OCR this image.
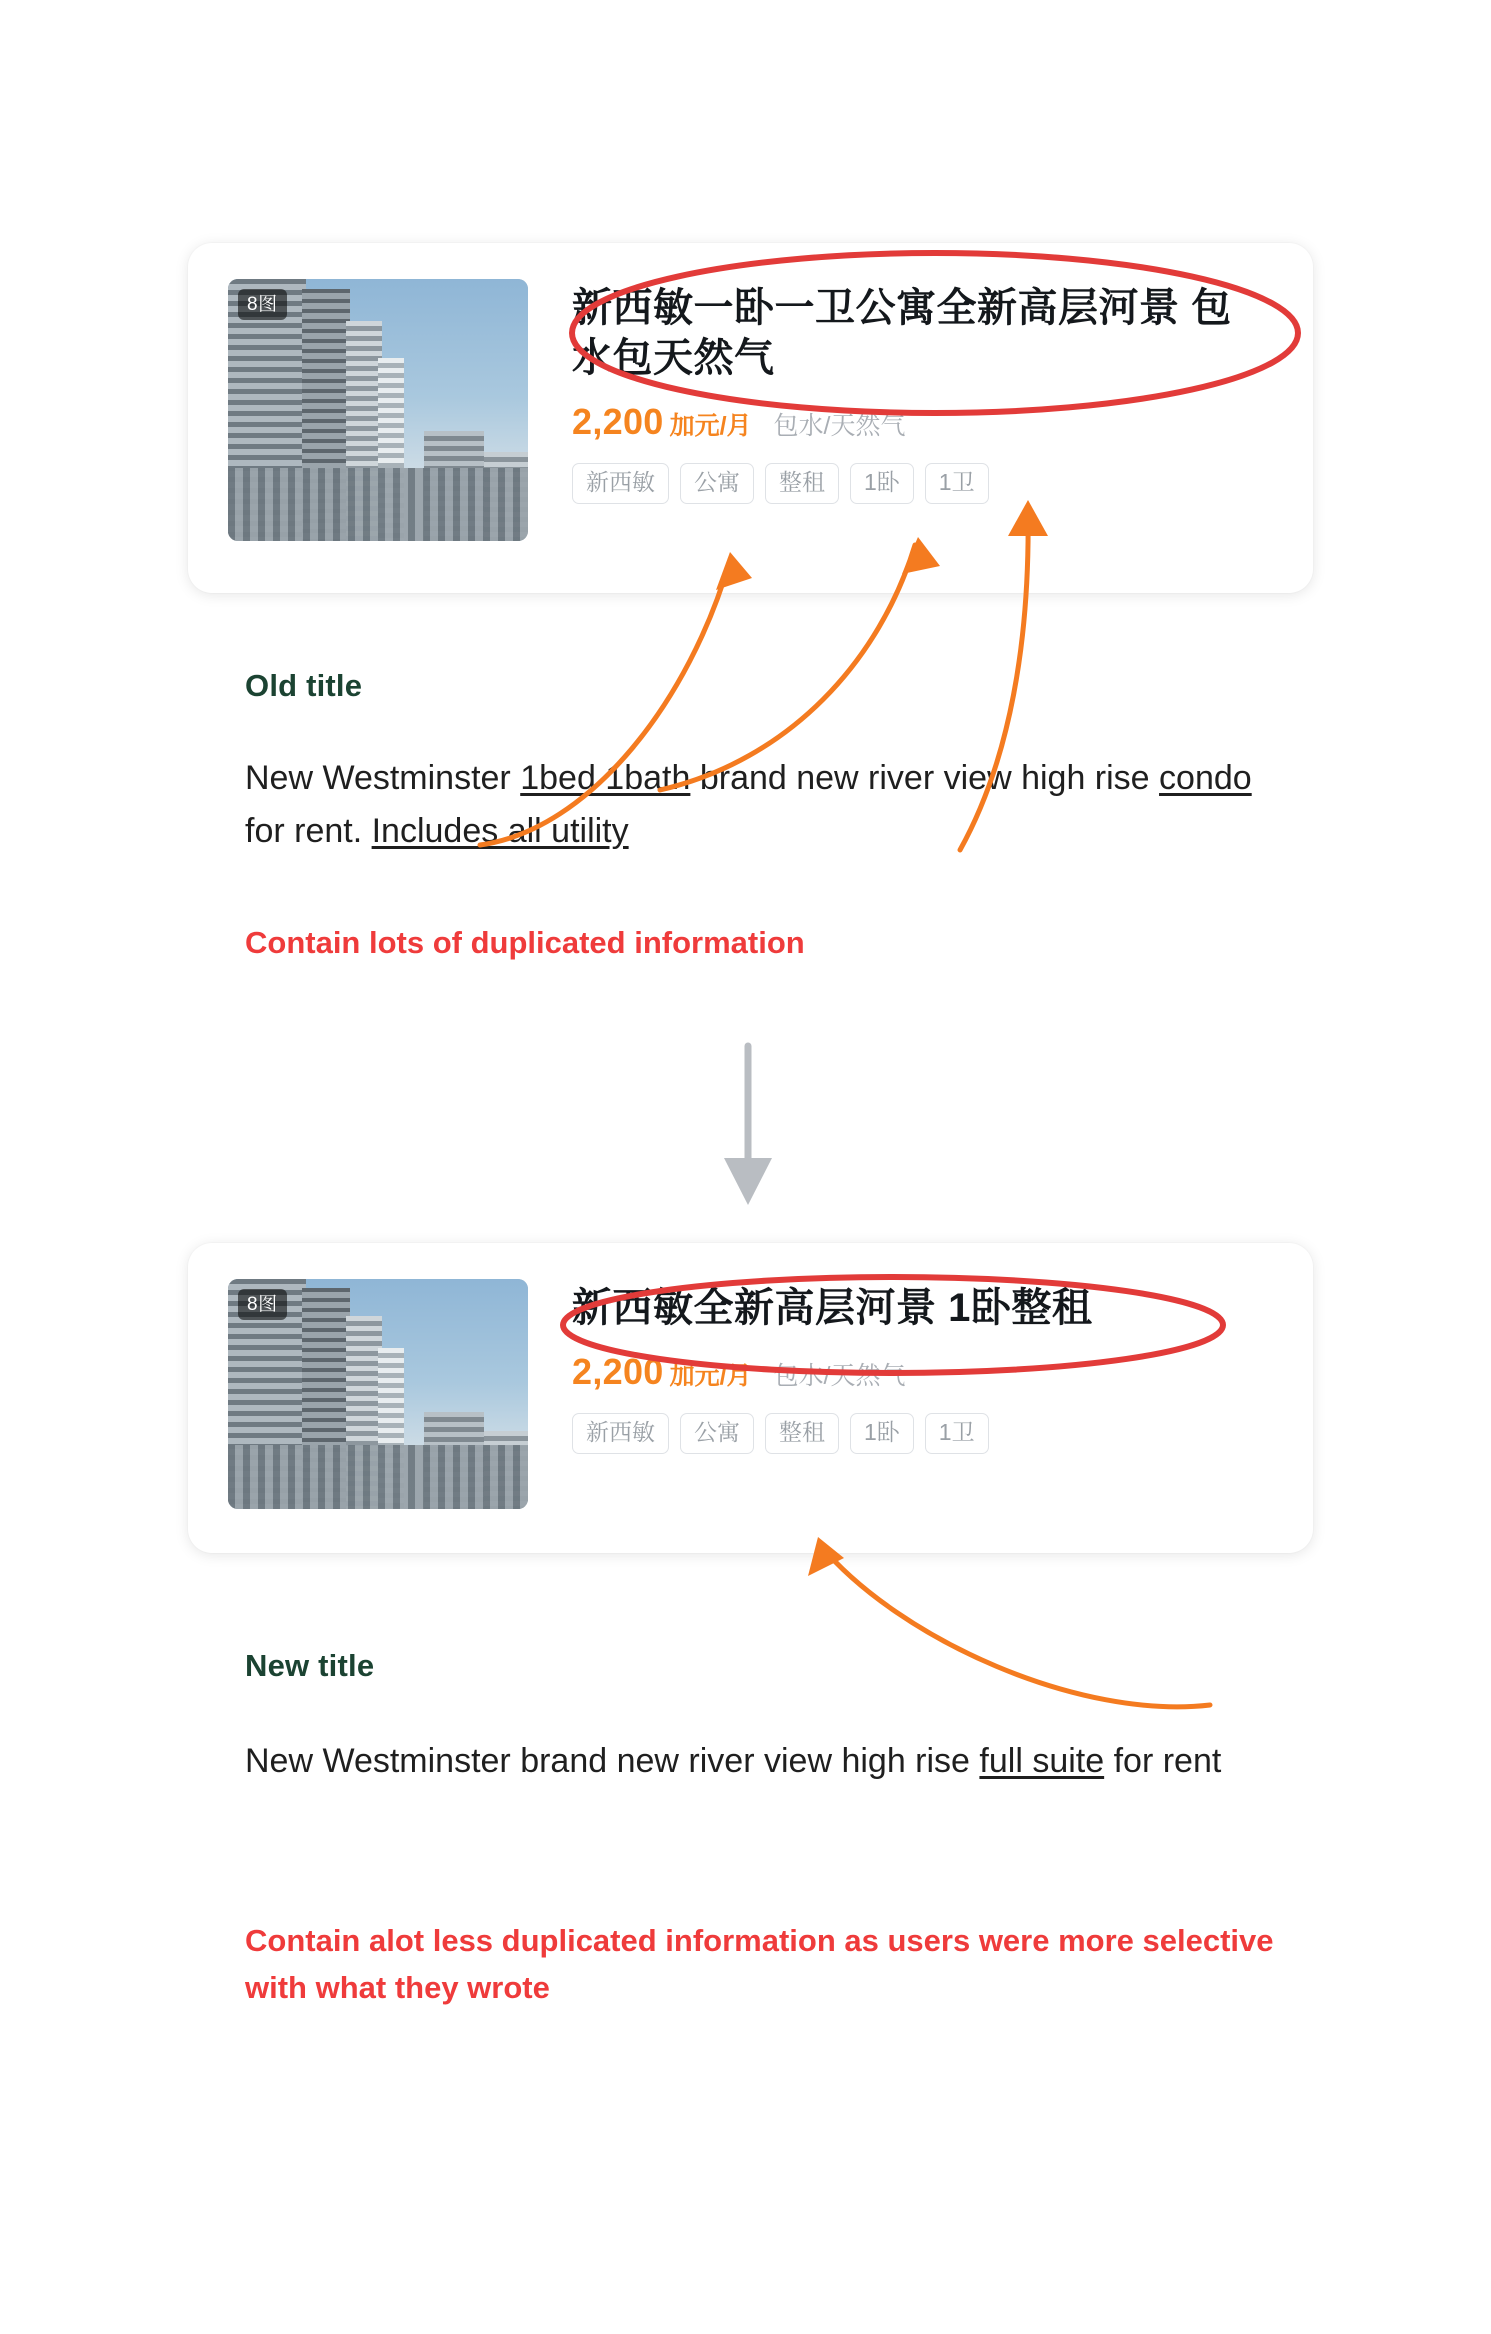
8图	新西敏一卧一卫公寓全新高层河景 包水包天然气
2,200 加元/月 包水/天然气
新西敏	公寓	整租	1卧	1卫
Old title
New Westminster 1bed 1bath brand new river view high rise condo for rent. Includes all utility
Contain lots of duplicated information
8图	新西敏全新高层河景 1卧整租
2,200 加元/月 包水/天然气
新西敏	公寓	整租	1卧	1卫
New title
New Westminster brand new river view high rise full suite for rent
Contain alot less duplicated information as users were more selective with what they wrote
